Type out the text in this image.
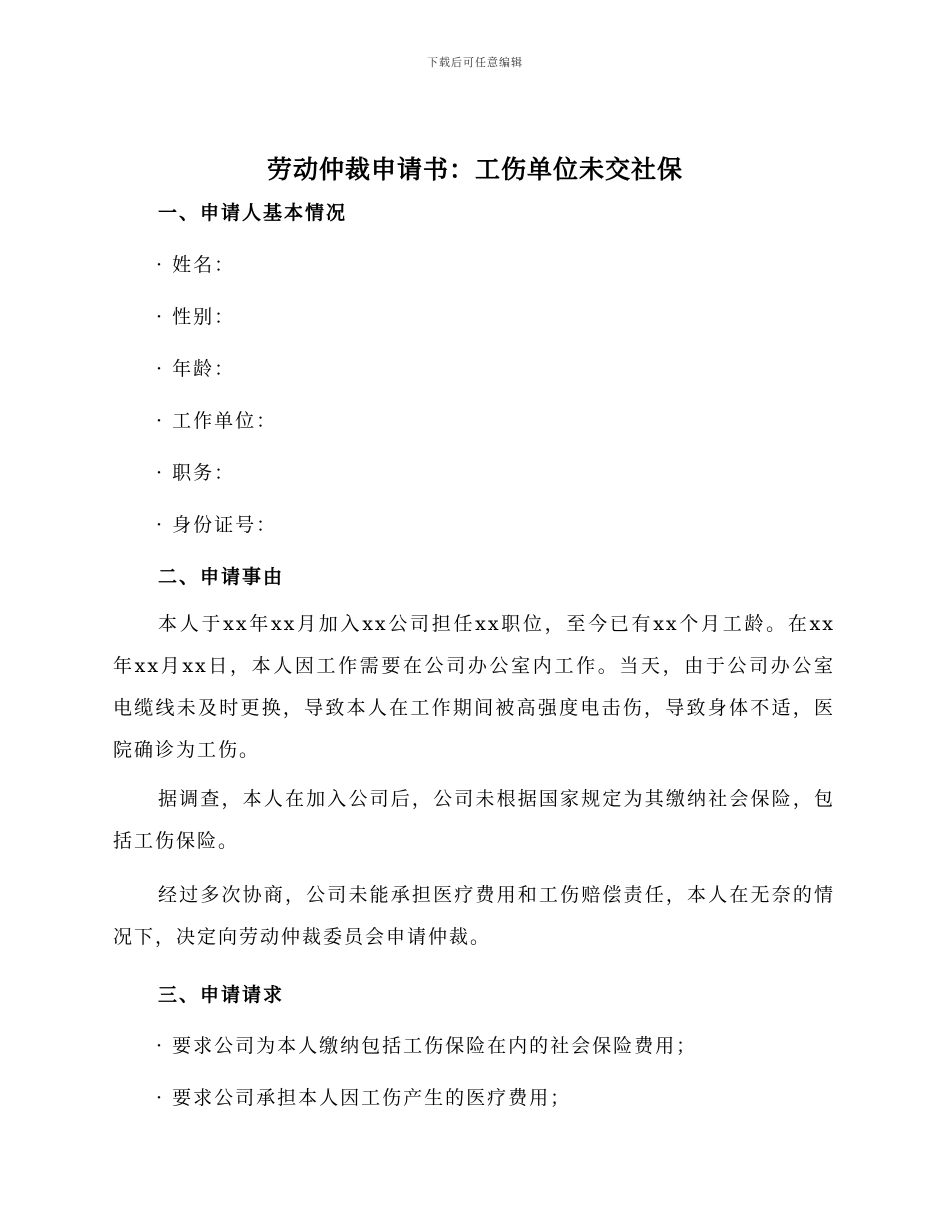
下载后可任意编辑
劳动仲裁申请书：工伤单位未交社保
一、申请人基本情况
· 姓名：
· 性别：
· 年龄：
· 工作单位：
· 职务：
· 身份证号：
二、申请事由
本人于xx年xx月加入xx公司担任xx职位，至今已有xx个月工龄。在xx年xx月xx日，本人因工作需要在公司办公室内工作。当天，由于公司办公室电缆线未及时更换，导致本人在工作期间被高强度电击伤，导致身体不适，医院确诊为工伤。
据调查，本人在加入公司后，公司未根据国家规定为其缴纳社会保险，包括工伤保险。
经过多次协商，公司未能承担医疗费用和工伤赔偿责任，本人在无奈的情况下，决定向劳动仲裁委员会申请仲裁。
三、申请请求
· 要求公司为本人缴纳包括工伤保险在内的社会保险费用；
· 要求公司承担本人因工伤产生的医疗费用；
